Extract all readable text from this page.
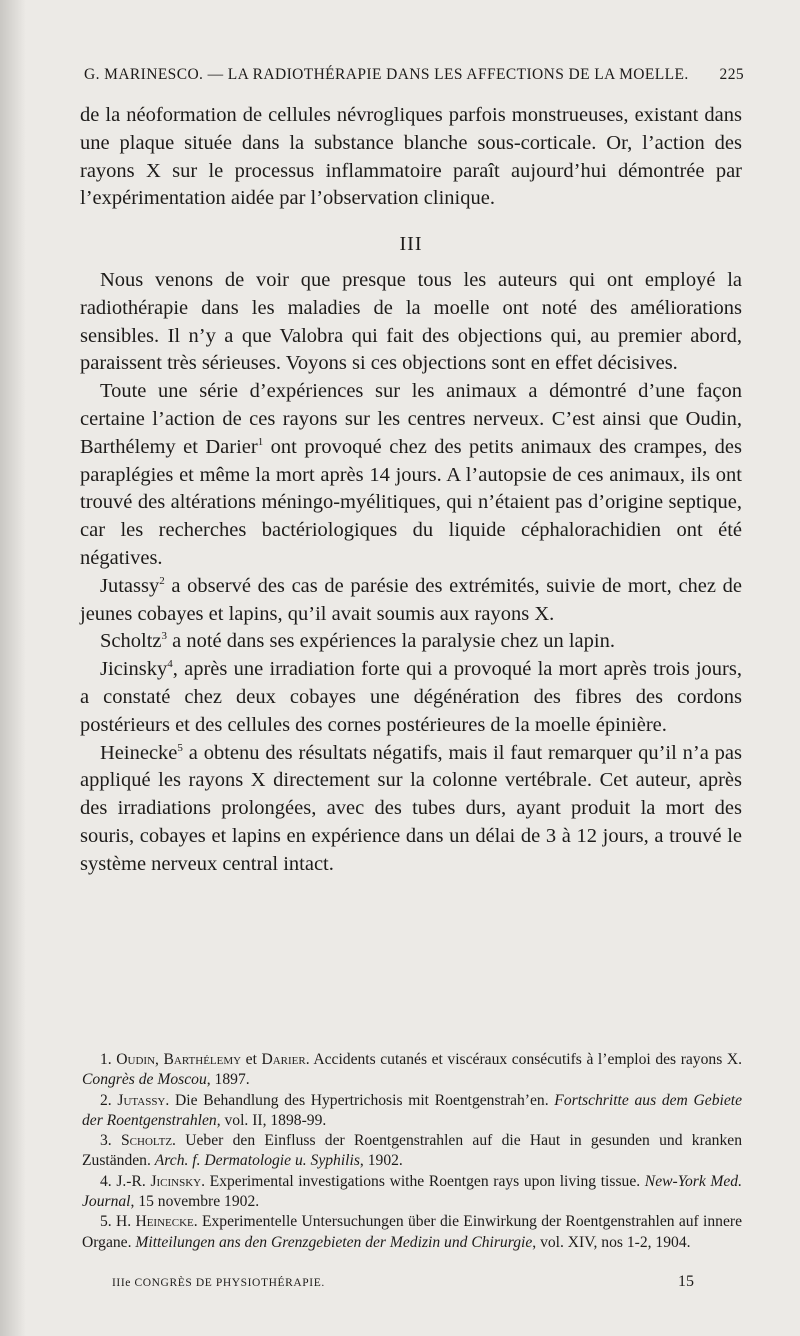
G. MARINESCO. — LA RADIOTHÉRAPIE DANS LES AFFECTIONS DE LA MOELLE. 225

de la néoformation de cellules névrogliques parfois monstrueuses, existant dans une plaque située dans la substance blanche sous-corticale. Or, l’action des rayons X sur le processus inflammatoire paraît aujourd’hui démontrée par l’expérimentation aidée par l’observation clinique.

III

Nous venons de voir que presque tous les auteurs qui ont employé la radiothérapie dans les maladies de la moelle ont noté des améliorations sensibles. Il n’y a que Valobra qui fait des objections qui, au premier abord, paraissent très sérieuses. Voyons si ces objections sont en effet décisives.

Toute une série d’expériences sur les animaux a démontré d’une façon certaine l’action de ces rayons sur les centres nerveux. C’est ainsi que Oudin, Barthélemy et Darier$^1$ ont provoqué chez des petits animaux des crampes, des paraplégies et même la mort après 14 jours. A l’autopsie de ces animaux, ils ont trouvé des altérations méningo-myélitiques, qui n’étaient pas d’origine septique, car les recherches bactériologiques du liquide céphalorachidien ont été négatives.

Jutassy$^2$ a observé des cas de parésie des extrémités, suivie de mort, chez de jeunes cobayes et lapins, qu’il avait soumis aux rayons X.

Scholtz$^3$ a noté dans ses expériences la paralysie chez un lapin.

Jicinsky$^4$, après une irradiation forte qui a provoqué la mort après trois jours, a constaté chez deux cobayes une dégénération des fibres des cordons postérieurs et des cellules des cornes postérieures de la moelle épinière.

Heinecke$^5$ a obtenu des résultats négatifs, mais il faut remarquer qu’il n’a pas appliqué les rayons X directement sur la colonne vertébrale. Cet auteur, après des irradiations prolongées, avec des tubes durs, ayant produit la mort des souris, cobayes et lapins en expérience dans un délai de 3 à 12 jours, a trouvé le système nerveux central intact.

1. Oudin, Barthélemy et Darier. Accidents cutanés et viscéraux consécutifs à l’emploi des rayons X. Congrès de Moscou, 1897.

2. Jutassy. Die Behandlung des Hypertrichosis mit Roentgenstrah’en. Fortschritte aus dem Gebiete der Roentgenstrahlen, vol. II, 1898-99.

3. Scholtz. Ueber den Einfluss der Roentgenstrahlen auf die Haut in gesunden und kranken Zuständen. Arch. f. Dermatologie u. Syphilis, 1902.

4. J.-R. Jicinsky. Experimental investigations withe Roentgen rays upon living tissue. New-York Med. Journal, 15 novembre 1902.

5. H. Heinecke. Experimentelle Untersuchungen über die Einwirkung der Roentgenstrahlen auf innere Organe. Mitteilungen ans den Grenzgebieten der Medizin und Chirurgie, vol. XIV, nos 1-2, 1904.

IIIe CONGRÈS DE PHYSIOTHÉRAPIE.	15
